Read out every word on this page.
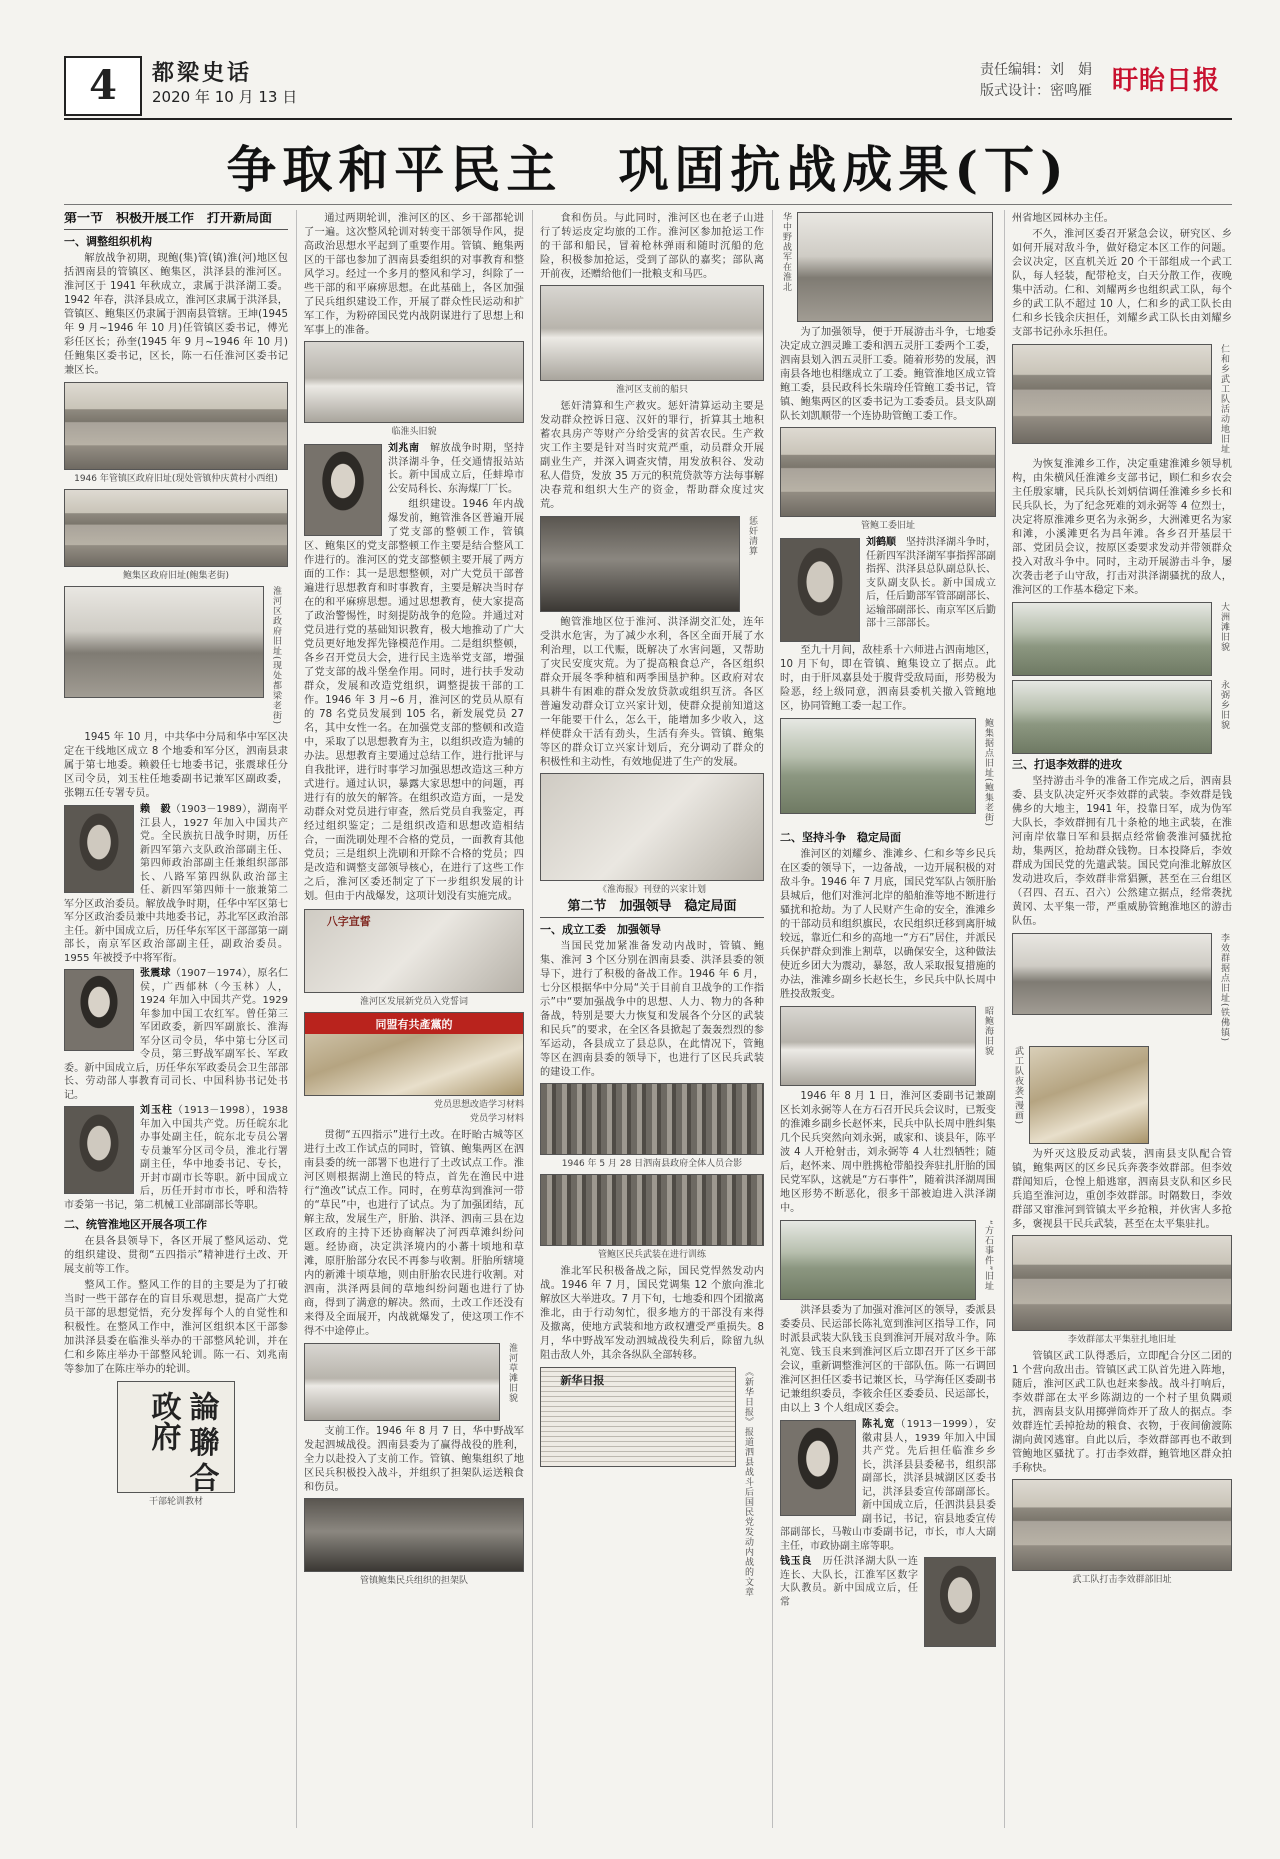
4	都梁史话
2020 年 10 月 13 日
责任编辑：刘　娟
版式设计：密鸣雁 盱眙日报
争取和平民主　巩固抗战成果(下)
第一节　积极开展工作　打开新局面
一、调整组织机构

解放战争初期，现鲍(集)管(镇)淮(河)地区包括泗南县的管镇区、鲍集区，洪泽县的淮河区。淮河区于 1941 年秋成立，隶属于洪泽湖工委。1942 年春，洪泽县成立，淮河区隶属于洪泽县，管镇区、鲍集区仍隶属于泗南县管辖。王坤(1945 年 9 月~1946 年 10 月)任管镇区委书记，傅光彩任区长；孙奎(1945 年 9 月~1946 年 10 月)任鲍集区委书记，区长，陈一石任淮河区委书记兼区长。

1946 年管镇区政府旧址(现处管镇仲庆黄村小西组)
鲍集区政府旧址(鲍集老街)
淮河区政府旧址(现处都梁老街)

1945 年 10 月，中共华中分局和华中军区决定在干线地区成立 8 个地委和军分区，泗南县隶属于第七地委。赖毅任七地委书记，张震球任分区司令员，刘玉柱任地委副书记兼军区副政委，张翱五任专署专员。

赖　毅（1903－1989），湖南平江县人，1927 年加入中国共产党。全民族抗日战争时期，历任新四军第六支队政治部副主任、第四师政治部副主任兼组织部部长、八路军第四纵队政治部主任、新四军第四师十一旅兼第二军分区政治委员。解放战争时期，任华中军区第七军分区政治委员兼中共地委书记，苏北军区政治部主任。新中国成立后，历任华东军区干部部第一副部长，南京军区政治部副主任，副政治委员。1955 年被授予中将军衔。

张震球（1907－1974），原名仁侯，广西郁林（今玉林）人，1924 年加入中国共产党。1929 年参加中国工农红军。曾任第三军团政委，新四军副旅长、淮海军分区司令员，华中第七分区司令员，第三野战军副军长、军政委。新中国成立后，历任华东军政委员会卫生部部长、劳动部人事教育司司长、中国科协书记处书记。

刘玉柱（1913－1998），1938 年加入中国共产党。历任皖东北办事处副主任，皖东北专员公署专员兼军分区司令员，淮北行署副主任，华中地委书记、专长，开封市副市长等职。新中国成立后，历任开封市市长，呼和浩特市委第一书记，第二机械工业部副部长等职。

二、统管淮地区开展各项工作

在县各县领导下，各区开展了整风运动、党的组织建设、贯彻“五四指示”精神进行土改、开展支前等工作。

整风工作。整风工作的目的主要是为了打破当时一些干部存在的盲目乐观思想，提高广大党员干部的思想觉悟，充分发挥每个人的自觉性和积极性。在整风工作中，淮河区组织本区干部参加洪泽县委在临淮头举办的干部整风轮训，并在仁和乡陈庄举办干部整风轮训。陈一石、刘兆南等参加了在陈庄举办的轮训。

論聯合政府
干部轮训教材

通过两期轮训，淮河区的区、乡干部都轮训了一遍。这次整风轮训对转变干部领导作风，提高政治思想水平起到了重要作用。管镇、鲍集两区的干部也参加了泗南县委组织的对事教育和整风学习。经过一个多月的整风和学习，纠除了一些干部的和平麻痹思想。在此基础上，各区加强了民兵组织建设工作，开展了群众性民运动和扩军工作，为粉碎国民党内战阴谋进行了思想上和军事上的准备。

临淮头旧貌

刘兆南　解放战争时期，坚持洪泽湖斗争，任交通情报站站长。新中国成立后，任蚌埠市公安局科长、东海煤厂厂长。

组织建设。1946 年内战爆发前，鲍管淮各区普遍开展了党支部的整顿工作，管镇区、鲍集区的党支部整顿工作主要是结合整风工作进行的。淮河区的党支部整顿主要开展了两方面的工作：其一是思想整顿，对广大党员干部普遍进行思想教育和时事教育，主要是解决当时存在的和平麻痹思想。通过思想教育，使大家提高了政治警惕性，时刻提防战争的危险。并通过对党员进行党的基础知识教育，极大地推动了广大党员更好地发挥先锋模范作用。二是组织整顿，各乡召开党员大会，进行民主选举党支部，增强了党支部的战斗堡垒作用。同时，进行扶手发动群众，发展和改造党组织，调整提拔干部的工作。1946 年 3 月~6 月，淮河区的党员从原有的 78 名党员发展到 105 名，新发展党员 27 名，其中女性一名。在加强党支部的整顿和改造中，采取了以思想教育为主，以组织改造为辅的办法。思想教育主要通过总结工作，进行批评与自我批评，进行时事学习加强思想改造这三种方式进行。通过认识，暴露大家思想中的问题，再进行有的放矢的解答。在组织改造方面，一是发动群众对党员进行审查，然后党员自我鉴定，再经过组织鉴定；二是组织改造和思想改造相结合，一面洗刷处理不合格的党员，一面教育其他党员；三是组织上洗刷和开除不合格的党员；四是改造和调整支部领导核心，在进行了这些工作之后，淮河区委还制定了下一步组织发展的计划。但由于内战爆发，这项计划没有实施完成。

八字宣誓
淮河区发展新党员入党誓词
同盟有共產黨的
党员思想改造学习材料
党员学习材料

贯彻“五四指示”进行土改。在盱眙古城等区进行土改工作试点的同时，管镇、鲍集两区在泗南县委的统一部署下也进行了土改试点工作。淮河区则根据湖上渔民的特点，首先在渔民中进行“渔改”试点工作。同时，在剪草沟到淮河一带的“草民”中，也进行了试点。为了加强团结，瓦解主敌，发展生产，肝胎、洪泽、泗南三县在边区政府的主持下还协商解决了河西草滩纠纷问题。经协商，决定洪泽境内的小蕃十顷地和草滩，原肝胎部分农民不再参与收割。肝胎所辖境内的新滩十顷草地，则由肝胎农民进行收割。对泗南，洪泽两县间的草地纠纷问题也进行了协商，得到了满意的解决。然而，土改工作还没有来得及全面展开，内战就爆发了，使这项工作不得不中途停止。

淮河草滩旧貌

支前工作。1946 年 8 月 7 日，华中野战军发起泗城战役。泗南县委为了赢得战役的胜利，全力以赴投入了支前工作。管镇、鲍集组织了地区民兵积极投入战斗，并组织了担架队运送粮食和伤员。

管镇鲍集民兵组织的担架队

食和伤员。与此同时，淮河区也在老子山进行了转运皮定均旅的工作。淮河区参加抢运工作的干部和船民，冒着枪林弹雨和随时沉船的危险，积极参加抢运，受到了部队的嘉奖；部队离开前夜，还赠给他们一批粮支和马匹。

淮河区支前的船只

惩奸清算和生产救灾。惩奸清算运动主要是发动群众控诉日寇、汉奸的罪行，折算其土地积蓄农具房产等财产分给受害的贫苦农民。生产救灾工作主要是针对当时灾荒严重，动员群众开展副业生产，并深入调查灾情，用发放积谷、发动私人借贷，发放 35 万元的积荒贷款等方法每事解决春荒和组织大生产的资金，帮助群众度过灾荒。

惩奸清算

鲍管淮地区位于淮河、洪泽湖交汇处，连年受洪水危害，为了减少水利，各区全面开展了水利治理，以工代赈，既解决了水害问题，又帮助了灾民安度灾荒。为了提高粮食总产，各区组织群众开展冬季种植和两季围垦护种。区政府对农具耕牛有困难的群众发放贷款或组织互济。各区普遍发动群众订立兴家计划，使群众提前知道这一年能要干什么，怎么干，能增加多少收入，这样使群众干活有劲头，生活有奔头。管镇、鲍集等区的群众订立兴家计划后，充分调动了群众的积极性和主动性，有效地促进了生产的发展。

《淮海报》刊登的兴家计划
第二节　加强领导　稳定局面
一、成立工委　加强领导

当国民党加紧准备发动内战时，管镇、鲍集、淮河 3 个区分别在泗南县委、洪泽县委的领导下，进行了积极的备战工作。1946 年 6 月，七分区根据华中分局“关于目前自卫战争的工作指示”中“要加强战争中的思想、人力、物力的各种备战，特别是要大力恢复和发展各个分区的武装和民兵”的要求，在全区各县掀起了轰轰烈烈的参军运动，各县成立了县总队，在此情况下，管鲍等区在泗南县委的领导下，也进行了区民兵武装的建设工作。

1946 年 5 月 28 日泗南县政府全体人员合影
管鲍区民兵武装在进行训练

淮北军民积极备战之际，国民党悍然发动内战。1946 年 7 月，国民党调集 12 个旅向淮北解放区大举进攻。7 月下旬，七地委和四个团撤离淮北，由于行动匆忙，很多地方的干部没有来得及撤离，使地方武装和地方政权遭受严重损失。8 月，华中野战军发动泗城战役失利后，除留九纵阻击敌人外，其余各纵队全部转移。

新华日报	《新华日报》报道泗县战斗后国民党发动内战的文章
华中野战军在淮北

为了加强领导，便于开展游击斗争，七地委决定成立泗灵雎工委和泗五灵肝工委两个工委，泗南县划入泗五灵肝工委。随着形势的发展，泗南县各地也相继成立了工委。鲍管淮地区成立管鲍工委，县民政科长朱瑞玲任管鲍工委书记，管镇、鲍集两区的区委书记为工委委员。县支队副队长刘凯顺带一个连协助管鲍工委工作。

管鲍工委旧址

刘鹤顺　坚持洪泽湖斗争时，任新四军洪泽湖军事指挥部副指挥、洪泽县总队副总队长、支队副支队长。新中国成立后，任后勤部军管部副部长、运输部副部长、南京军区后勤部十三部部长。

至九十月间，敌桂系十六师进占泗南地区，10 月下旬，即在管镇、鲍集设立了据点。此时，由于肝凤嘉县处于腹背受敌局面，形势极为险恶，经上级同意，泗南县委机关撤入管鲍地区，协同管鲍工委一起工作。

鲍集据点旧址(鲍集老街)
二、坚持斗争　稳定局面

淮河区的刘耀乡、淮滩乡、仁和乡等乡民兵在区委的领导下，一边备战，一边开展积极的对敌斗争。1946 年 7 月底，国民党军队占领肝胎县城后，他们对淮河北岸的船舶淮等地不断进行骚扰和抢劫。为了人民财产生命的安全，淮滩乡的干部动员和组织旗民，农民组织迁移到离肝城较远，靠近仁和乡的高地一“方石”居住，并派民兵保护群众到淮上割草，以确保安全，这种做法使近乡团大为震动，暴怒，敌人采取报复措施的办法，淮滩乡副乡长赵长生，乡民兵中队长周中胜投敌叛变。

昭鲍海旧貌

1946 年 8 月 1 日，淮河区委副书记兼副区长刘永弼等人在方石召开民兵会议时，已叛变的淮滩乡副乡长赵怀来，民兵中队长周中胜纠集几个民兵突然向刘永弼，戚家和、谈县年，陈平波 4 人开枪射击，刘永弼等 4 人壮烈牺牲；随后，赵怀来、周中胜携枪带船投奔驻扎肝胎的国民党军队，这就是“方石事件”，随着洪泽湖周围地区形势不断恶化，很多干部被迫进入洪泽湖中。

“方石事件”旧址

洪泽县委为了加强对淮河区的领导，委派县委委员、民运部长陈礼宽到淮河区指导工作，同时派县武装大队钱玉良到淮河开展对敌斗争。陈礼宽、钱玉良来到淮河区后立即召开了区乡干部会议，重新调整淮河区的干部队伍。陈一石调回淮河区担任区委书记兼区长，马学海任区委副书记兼组织委员，李筱余任区委委员、民运部长，由以上 3 个人组成区委会。

陈礼宽（1913－1999），安徽肃县人，1939 年加入中国共产党。先后担任临淮乡乡长，洪泽县县委秘书，组织部副部长，洪泽县城湖区区委书记，洪泽县委宣传部副部长。新中国成立后，任泗洪县县委副书记，书记，宿县地委宣传部副部长，马鞍山市委副书记，市长，市人大副主任，市政协副主席等职。

钱玉良　历任洪泽湖大队一连连长、大队长，江淮军区数字大队教员。新中国成立后，任常

州省地区园林办主任。

不久，淮河区委召开紧急会议，研究区、乡如何开展对敌斗争，做好稳定本区工作的问题。会议决定，区直机关近 20 个干部组成一个武工队，每人轻装，配带枪支，白天分散工作，夜晚集中活动。仁和、刘耀两乡也组织武工队，每个乡的武工队不超过 10 人，仁和乡的武工队长由仁和乡长钱余庆担任，刘耀乡武工队长由刘耀乡支部书记孙永乐担任。

仁和乡武工队活动地旧址

为恢复淮滩乡工作，决定重建淮滩乡领导机构，由朱横风任淮滩乡支部书记，顾仁和乡农会主任殷家墉，民兵队长刘炳信调任淮滩乡乡长和民兵队长，为了纪念死难的刘永弼等 4 位烈士，决定将原淮滩乡更名为永弼乡，大洲滩更名为家和滩，小溪滩更名为昌年滩。各乡召开基层干部、党团员会议，按原区委要求发动并带领群众投入对敌斗争中。同时，主动开展游击斗争，屡次袭击老子山守敌，打击对洪泽湖骚扰的敌人，淮河区的工作基本稳定下来。

大洲滩旧貌
永弼乡旧貌
三、打退李效群的进攻

坚持游击斗争的准备工作完成之后，泗南县委、县支队决定歼灭李效群的武装。李效群是钱佛乡的大地主，1941 年，投靠日军，成为伪军大队长，李效群拥有几十条枪的地主武装，在淮河南岸依靠日军和县据点经常偷袭淮河骚扰抢劫，集两区，抢劫群众钱物。日本投降后，李效群成为国民党的先遣武装。国民党向淮北解放区发动进攻后，李效群非常猖獗，甚至在三台组区（召四、召五、召六）公然建立据点，经常袭扰黄冈、太平集一带，严重威胁管鲍淮地区的游击队伍。

李效群据点旧址(铁佛镇)
武工队夜袭(漫画)

为歼灭这股反动武装，泗南县支队配合管镇，鲍集两区的区乡民兵奔袭李效群部。但李效群闻知后，仓惶上船逃窜，泗南县支队和区乡民兵追至淮河边，重创李效群部。时隔数日，李效群部又窜淮河到管镇太平乡抢粮，并伙害人多抢多，褒视县干民兵武装，甚至在太平集驻扎。

李效群部太平集驻扎地旧址

管镇区武工队得悉后，立即配合分区二团的 1 个营向敌出击。管镇区武工队首先进入阵地，随后，淮河区武工队也赶来参战。战斗打响后，李效群部在太平乡陈湖边的一个村子里负隅顽抗，泗南县支队用掷弹筒炸开了敌人的据点。李效群连忙丢掉抢劫的粮食、衣物，于夜间偷渡陈湖向黄冈逃窜。自此以后，李效群部再也不敢到管鲍地区骚扰了。打击李效群，鲍管地区群众拍手称快。

武工队打击李效群部旧址
